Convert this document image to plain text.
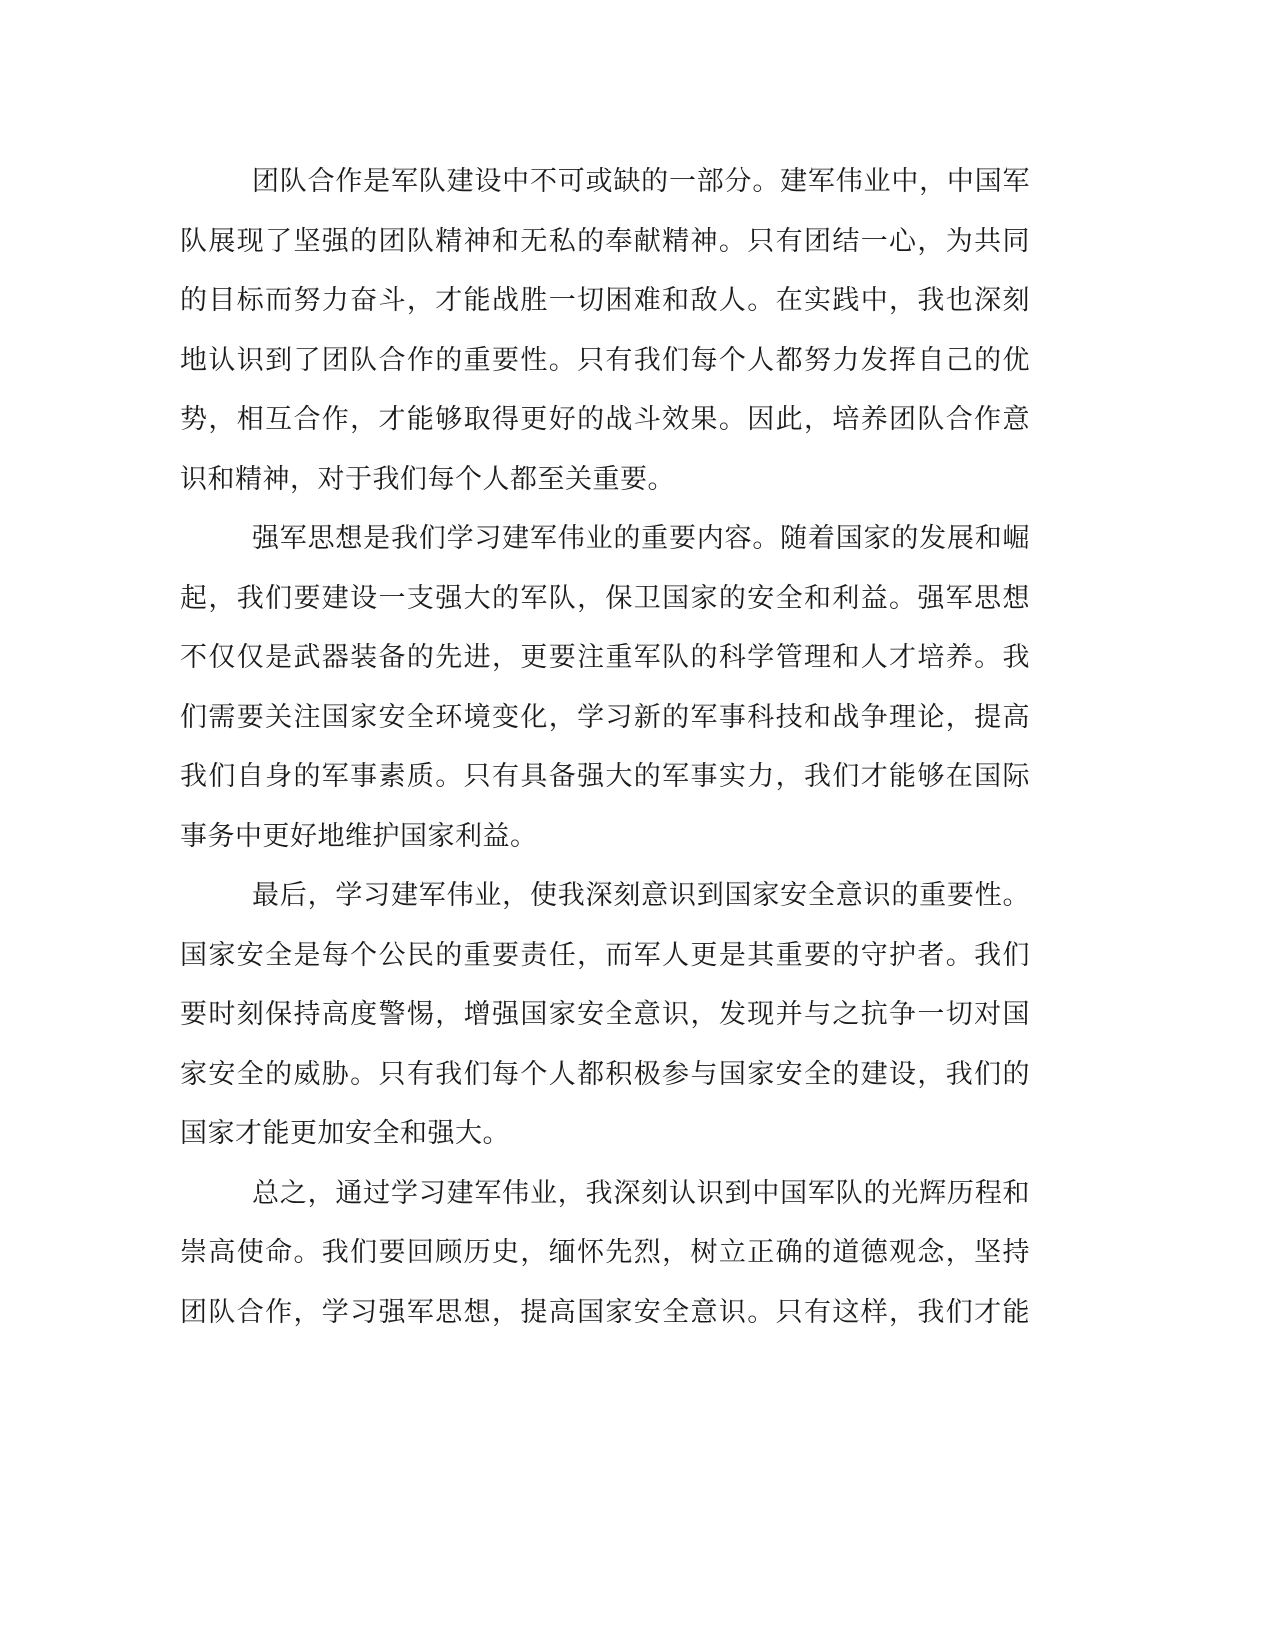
团队合作是军队建设中不可或缺的一部分。建军伟业中，中国军
队展现了坚强的团队精神和无私的奉献精神。只有团结一心，为共同
的目标而努力奋斗，才能战胜一切困难和敌人。在实践中，我也深刻
地认识到了团队合作的重要性。只有我们每个人都努力发挥自己的优
势，相互合作，才能够取得更好的战斗效果。因此，培养团队合作意
识和精神，对于我们每个人都至关重要。
强军思想是我们学习建军伟业的重要内容。随着国家的发展和崛
起，我们要建设一支强大的军队，保卫国家的安全和利益。强军思想
不仅仅是武器装备的先进，更要注重军队的科学管理和人才培养。我
们需要关注国家安全环境变化，学习新的军事科技和战争理论，提高
我们自身的军事素质。只有具备强大的军事实力，我们才能够在国际
事务中更好地维护国家利益。
最后，学习建军伟业，使我深刻意识到国家安全意识的重要性。
国家安全是每个公民的重要责任，而军人更是其重要的守护者。我们
要时刻保持高度警惕，增强国家安全意识，发现并与之抗争一切对国
家安全的威胁。只有我们每个人都积极参与国家安全的建设，我们的
国家才能更加安全和强大。
总之，通过学习建军伟业，我深刻认识到中国军队的光辉历程和
崇高使命。我们要回顾历史，缅怀先烈，树立正确的道德观念，坚持
团队合作，学习强军思想，提高国家安全意识。只有这样，我们才能
